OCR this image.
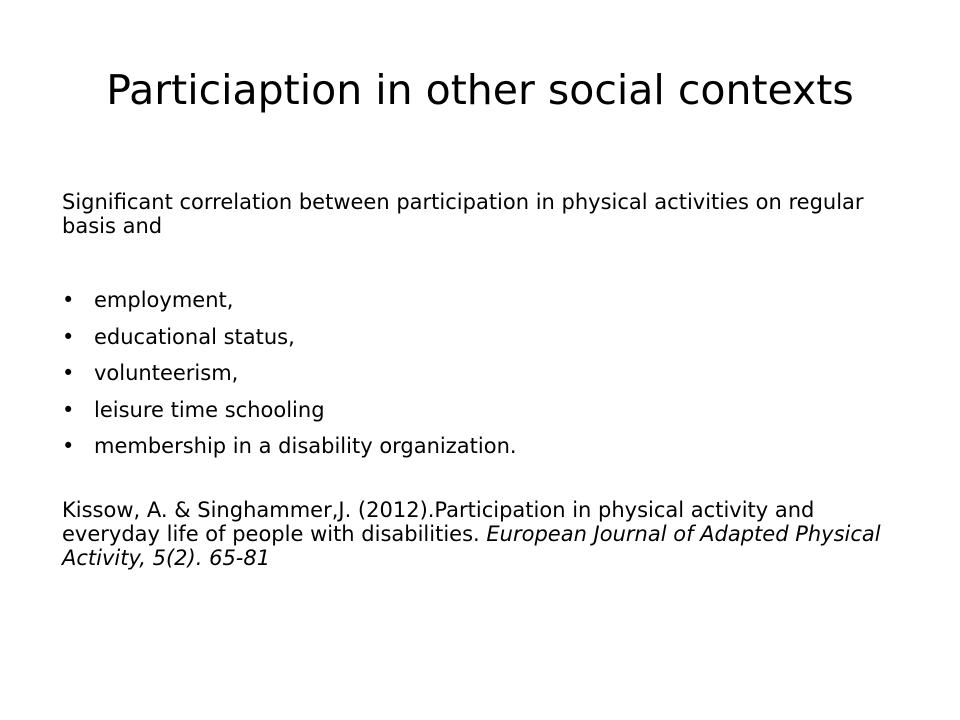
Particiaption in other social contexts

Significant correlation between participation in physical activities on regular basis and

• employment,
• educational status,
• volunteerism,
• leisure time schooling
• membership in a disability organization.

Kissow, A. & Singhammer,J. (2012).Participation in physical activity and everyday life of people with disabilities. European Journal of Adapted Physical Activity, 5(2). 65-81
